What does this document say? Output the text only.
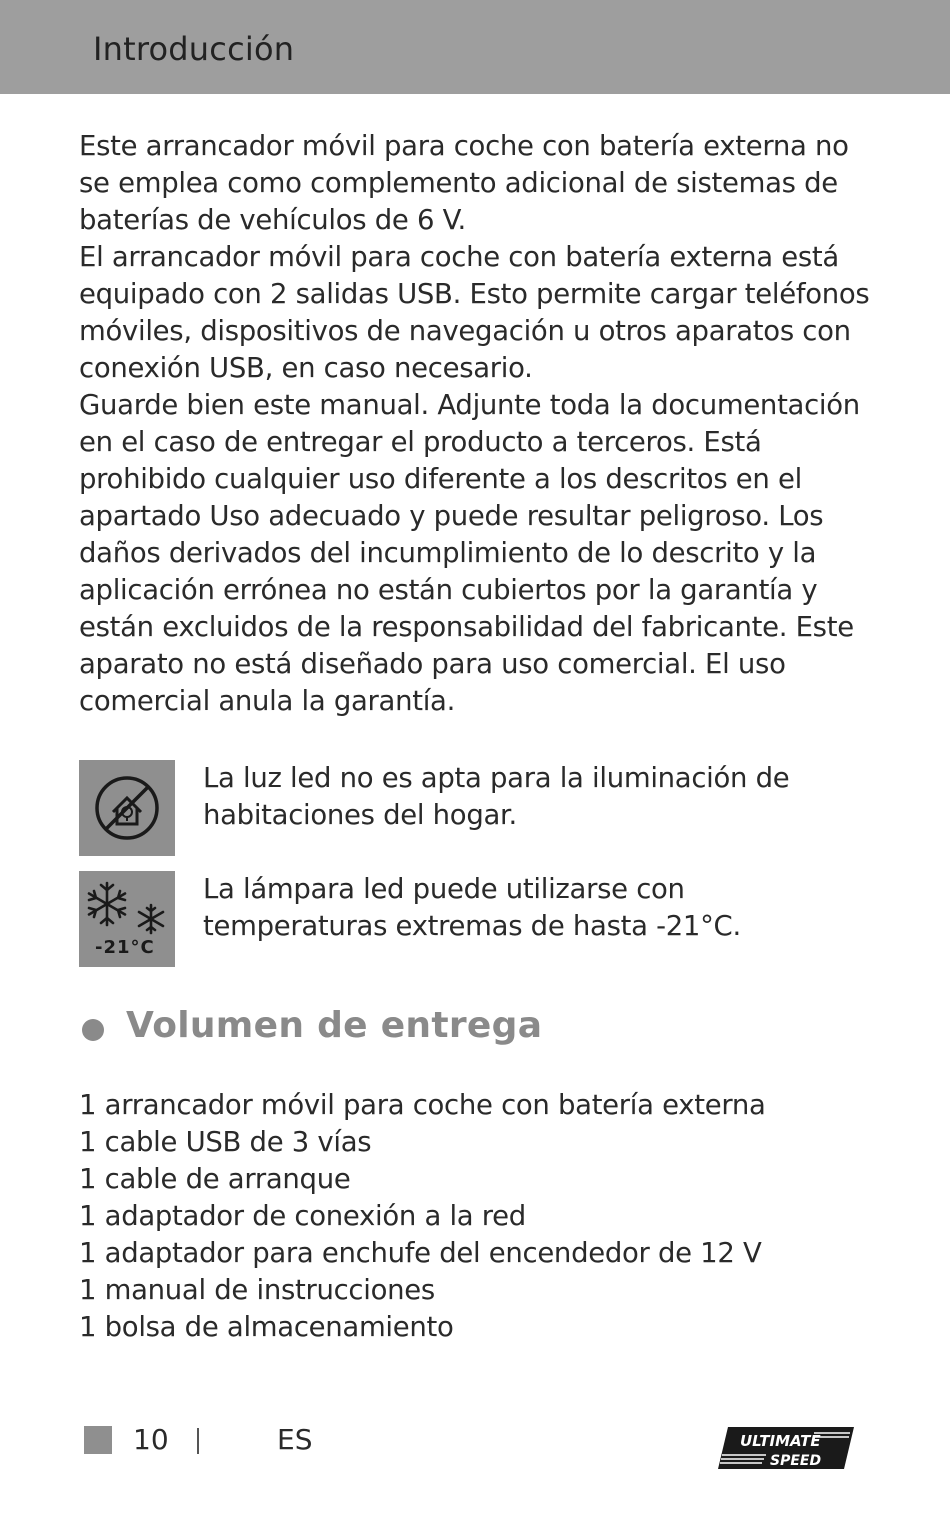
Introducción

Este arrancador móvil para coche con batería externa no se emplea como complemento adicional de sistemas de baterías de vehículos de 6 V.

El arrancador móvil para coche con batería externa está equipado con 2 salidas USB. Esto permite cargar teléfonos móviles, dispositivos de navegación u otros aparatos con conexión USB, en caso necesario.

Guarde bien este manual. Adjunte toda la documentación en el caso de entregar el producto a terceros. Está prohibido cualquier uso diferente a los descritos en el apartado Uso adecuado y puede resultar peligroso. Los daños derivados del incumplimiento de lo descrito y la aplicación errónea no están cubiertos por la garantía y están excluidos de la responsabilidad del fabricante. Este aparato no está diseñado para uso comercial. El uso comercial anula la garantía.

La luz led no es apta para la iluminación de habitaciones del hogar.
-21°C
La lámpara led puede utilizarse con temperaturas extremas de hasta -21°C.
Volumen de entrega
1 arrancador móvil para coche con batería externa
1 cable USB de 3 vías
1 cable de arranque
1 adaptador de conexión a la red
1 adaptador para enchufe del encendedor de 12 V
1 manual de instrucciones
1 bolsa de almacenamiento
10	ES	ULTIMATE
SPEED
